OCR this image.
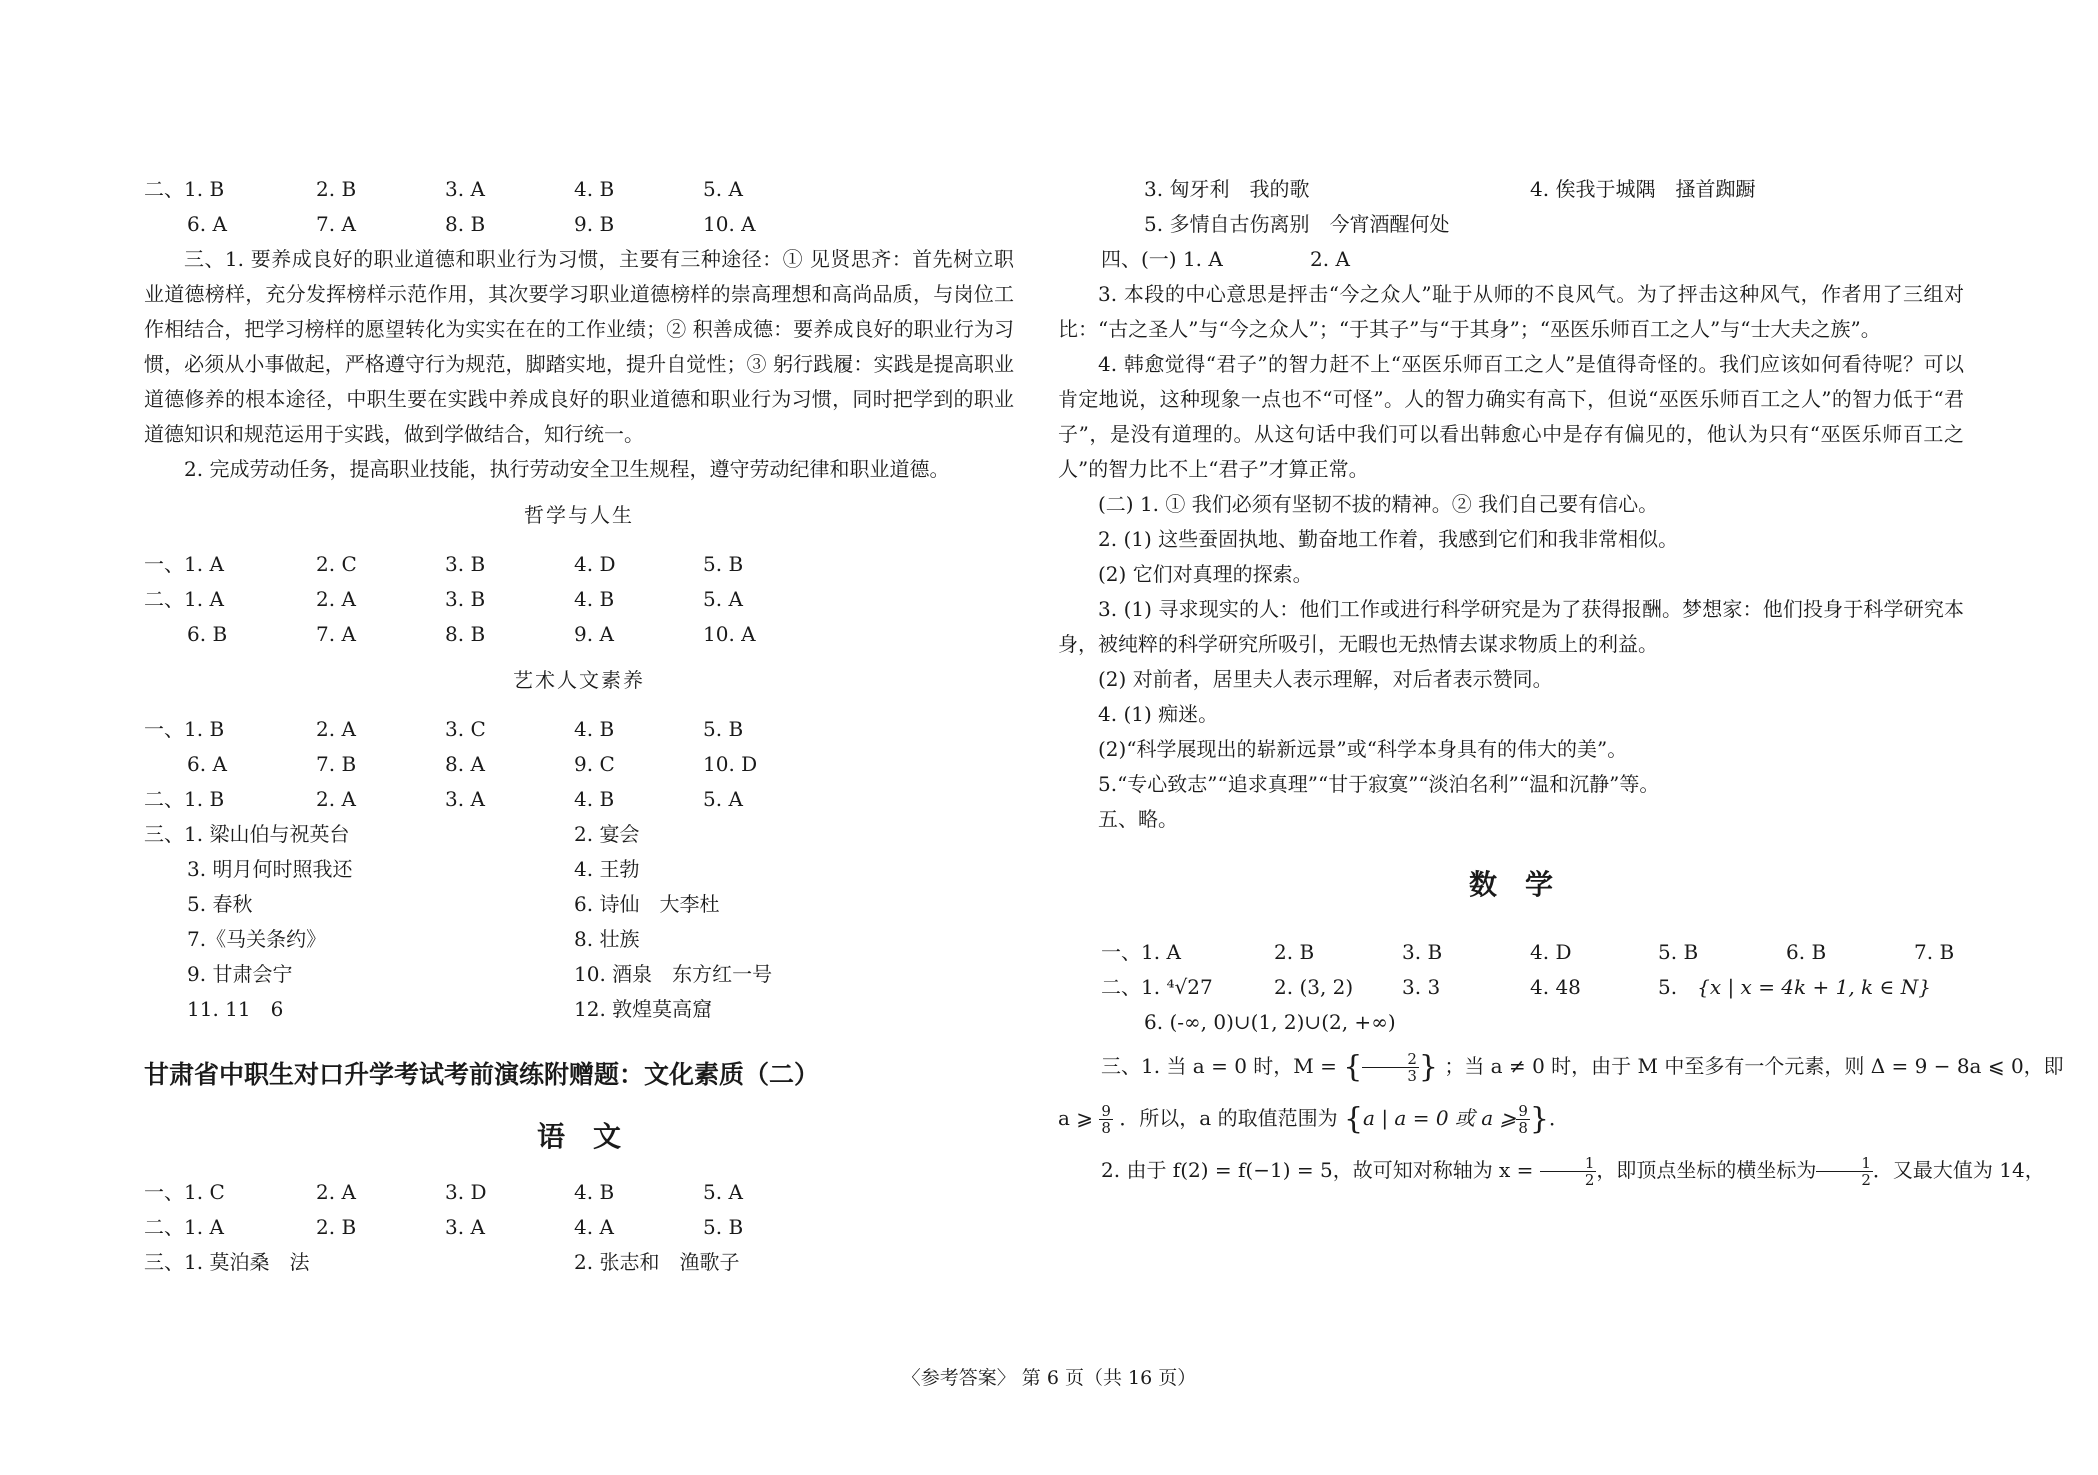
二、1. B	2. B	3. A	4. B	5. A
6. A	7. A	8. B	9. B	10. A
三、1. 要养成良好的职业道德和职业行为习惯，主要有三种途径：① 见贤思齐：首先树立职业道德榜样，充分发挥榜样示范作用，其次要学习职业道德榜样的崇高理想和高尚品质，与岗位工作相结合，把学习榜样的愿望转化为实实在在的工作业绩；② 积善成德：要养成良好的职业行为习惯，必须从小事做起，严格遵守行为规范，脚踏实地，提升自觉性；③ 躬行践履：实践是提高职业道德修养的根本途径，中职生要在实践中养成良好的职业道德和职业行为习惯，同时把学到的职业道德知识和规范运用于实践，做到学做结合，知行统一。
2. 完成劳动任务，提高职业技能，执行劳动安全卫生规程，遵守劳动纪律和职业道德。
哲学与人生
一、1. A	2. C	3. B	4. D	5. B
二、1. A	2. A	3. B	4. B	5. A
6. B	7. A	8. B	9. A	10. A
艺术人文素养
一、1. B	2. A	3. C	4. B	5. B
6. A	7. B	8. A	9. C	10. D
二、1. B	2. A	3. A	4. B	5. A
三、1. 梁山伯与祝英台	2. 宴会
3. 明月何时照我还	4. 王勃
5. 春秋	6. 诗仙　大李杜
7.《马关条约》	8. 壮族
9. 甘肃会宁	10. 酒泉　东方红一号
11. 11　6	12. 敦煌莫高窟
甘肃省中职生对口升学考试考前演练附赠题：文化素质（二）
语　文
一、1. C	2. A	3. D	4. B	5. A
二、1. A	2. B	3. A	4. A	5. B
三、1. 莫泊桑　法	2. 张志和　渔歌子
3. 匈牙利　我的歌	4. 俟我于城隅　搔首踟蹰
5. 多情自古伤离别　今宵酒醒何处
四、(一) 1. A	2. A
3. 本段的中心意思是抨击“今之众人”耻于从师的不良风气。为了抨击这种风气，作者用了三组对比：“古之圣人”与“今之众人”；“于其子”与“于其身”；“巫医乐师百工之人”与“士大夫之族”。
4. 韩愈觉得“君子”的智力赶不上“巫医乐师百工之人”是值得奇怪的。我们应该如何看待呢？可以肯定地说，这种现象一点也不“可怪”。人的智力确实有高下，但说“巫医乐师百工之人”的智力低于“君子”，是没有道理的。从这句话中我们可以看出韩愈心中是存有偏见的，他认为只有“巫医乐师百工之人”的智力比不上“君子”才算正常。
(二) 1. ① 我们必须有坚韧不拔的精神。② 我们自己要有信心。
2. (1) 这些蚕固执地、勤奋地工作着，我感到它们和我非常相似。
(2) 它们对真理的探索。
3. (1) 寻求现实的人：他们工作或进行科学研究是为了获得报酬。梦想家：他们投身于科学研究本身，被纯粹的科学研究所吸引，无暇也无热情去谋求物质上的利益。
(2) 对前者，居里夫人表示理解，对后者表示赞同。
4. (1) 痴迷。
(2)“科学展现出的崭新远景”或“科学本身具有的伟大的美”。
5.“专心致志”“追求真理”“甘于寂寞”“淡泊名利”“温和沉静”等。
五、略。
数　学
一、1. A	2. B	3. B	4. D	5. B	6. B	7. B
二、1. ⁴√27	2. (3, 2) 3. 3	4. 48	5.　 {x | x = 4k + 1, k ∈ N}
6. (-∞, 0)∪(1, 2)∪(2, +∞)
三、1. 当 a = 0 时，M = { $\frac{2}{3}$ } ；当 a ≠ 0 时，由于 M 中至多有一个元素，则 Δ = 9 − 8a ⩽ 0，即
a ⩾ $\frac{9}{8}$ ．所以，a 的取值范围为 {a | a = 0 或 a ⩾ $\frac{9}{8}$ }．
2. 由于 f(2) = f(−1) = 5，故可知对称轴为 $x = \frac{1}{2}$ ，即顶点坐标的横坐标为 $\frac{1}{2}$ ．又最大值为 14，
〈参考答案〉 第 6 页（共 16 页）
